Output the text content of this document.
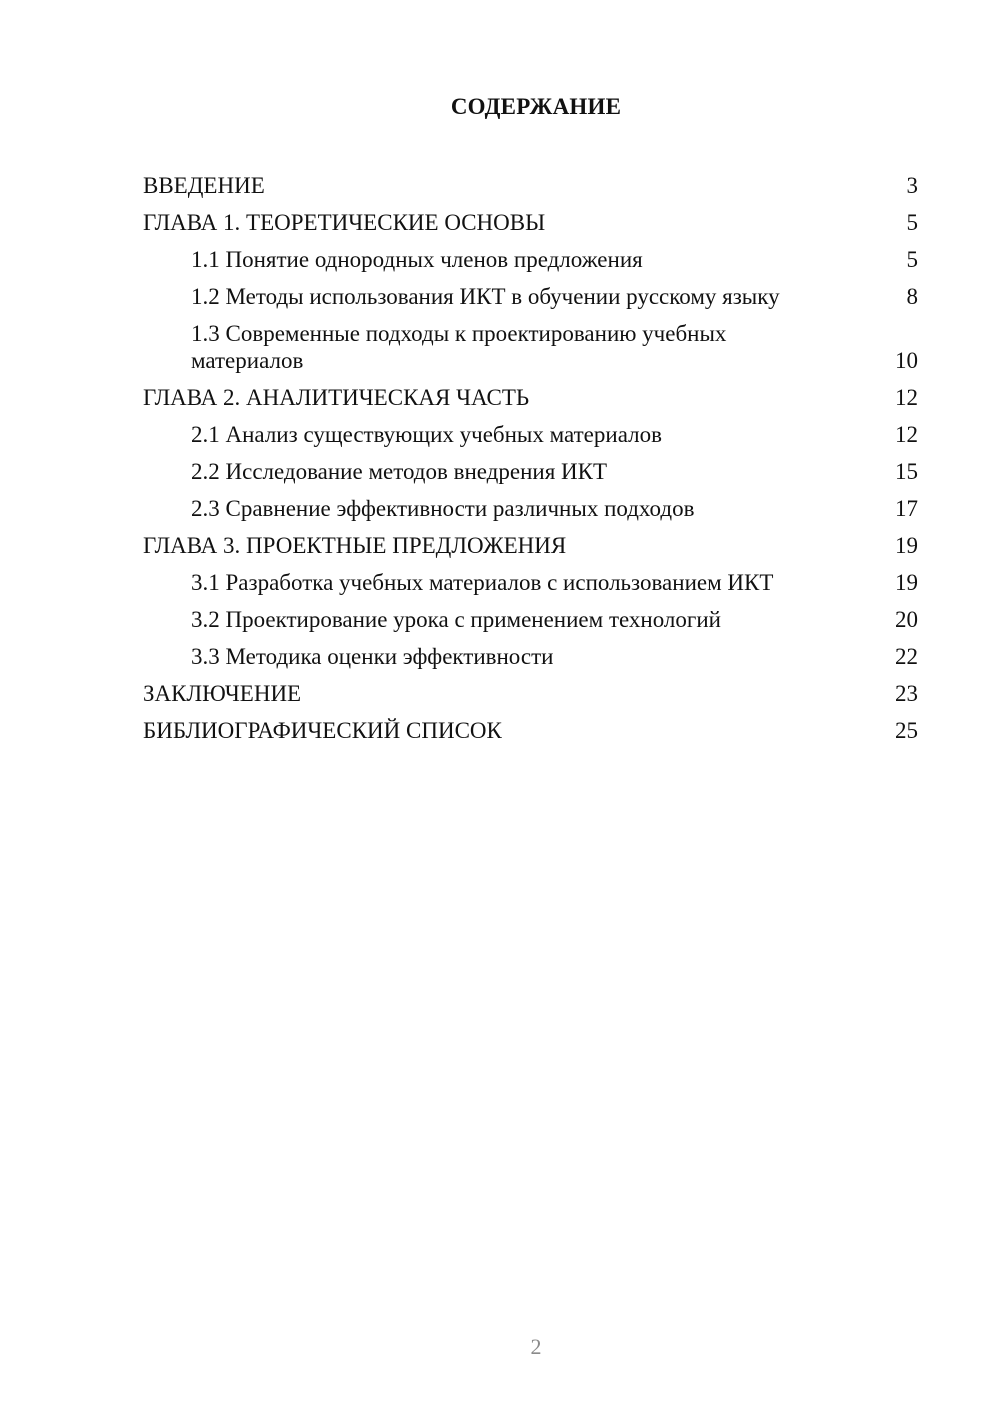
СОДЕРЖАНИЕ
ВВЕДЕНИЕ	3
ГЛАВА 1. ТЕОРЕТИЧЕСКИЕ ОСНОВЫ	5
1.1 Понятие однородных членов предложения	5
1.2 Методы использования ИКТ в обучении русскому языку	8
1.3 Современные подходы к проектированию учебных материалов	10
ГЛАВА 2. АНАЛИТИЧЕСКАЯ ЧАСТЬ	12
2.1 Анализ существующих учебных материалов	12
2.2 Исследование методов внедрения ИКТ	15
2.3 Сравнение эффективности различных подходов	17
ГЛАВА 3. ПРОЕКТНЫЕ ПРЕДЛОЖЕНИЯ	19
3.1 Разработка учебных материалов с использованием ИКТ	19
3.2 Проектирование урока с применением технологий	20
3.3 Методика оценки эффективности	22
ЗАКЛЮЧЕНИЕ	23
БИБЛИОГРАФИЧЕСКИЙ СПИСОК	25
2
